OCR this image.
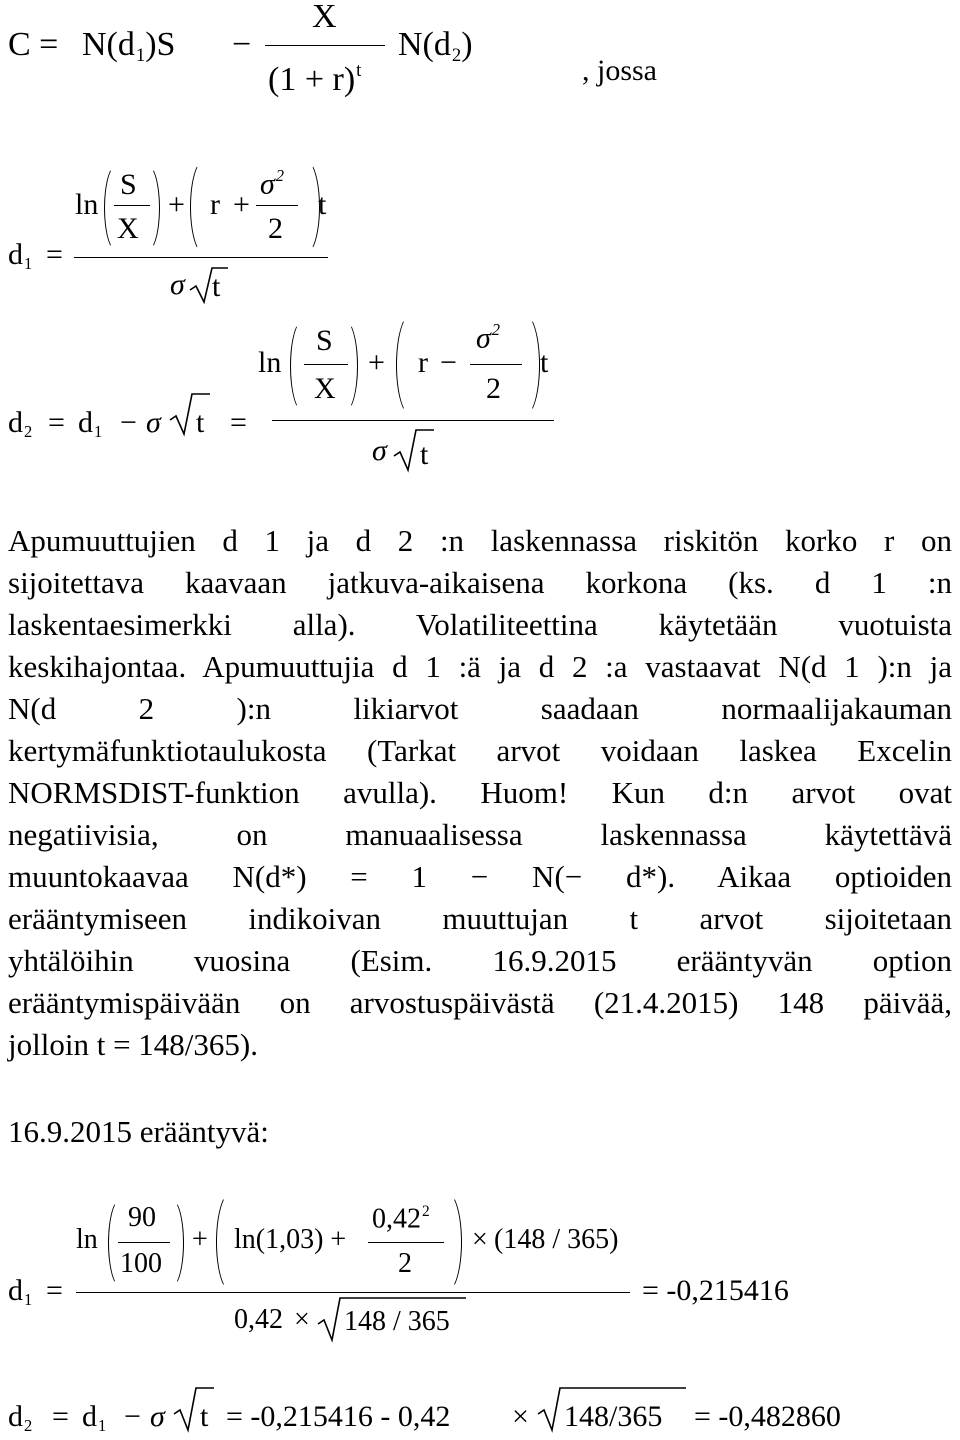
$C = N(d_1)S$ −
X
$(1 + r)^t$
$N(d_2)$
, jossa
$d_1$ =
ln
S
X
+ r +
$\sigma^2$
2
t
σ t
$d_2 = d_1 - \sigma$ t =
ln
S
X
+ r −
$\sigma^2$
2
t
σ t
Apumuuttujien d 1 ja d 2 :n laskennassa riskitön korko r on
sijoitettava kaavaan jatkuva-aikaisena korkona (ks. d 1 :n
laskentaesimerkki alla). Volatiliteettina käytetään vuotuista
keskihajontaa. Apumuuttujia d 1 :ä ja d 2 :a vastaavat N(d 1 ):n ja
N(d 2 ):n likiarvot saadaan normaalijakauman
kertymäfunktiotaulukosta (Tarkat arvot voidaan laskea Excelin
NORMSDIST-funktion avulla). Huom! Kun d:n arvot ovat
negatiivisia, on manuaalisessa laskennassa käytettävä
muuntokaavaa N(d*) = 1 − N(− d*). Aikaa optioiden
erääntymiseen indikoivan muuttujan t arvot sijoitetaan
yhtälöihin vuosina (Esim. 16.9.2015 erääntyvän option
erääntymispäivään on arvostuspäivästä (21.4.2015) 148 päivää,
jolloin t = 148/365).
16.9.2015 erääntyvä:
$d_1$ =
ln
90
100
+ ln(1,03) +
$0,42^2$
2
× (148 / 365)
0,42 × 148 / 365
= -0,215416
$d_2 = d_1 - \sigma$ t = -0,215416 - 0,42 × 148/365 = -0,482860
